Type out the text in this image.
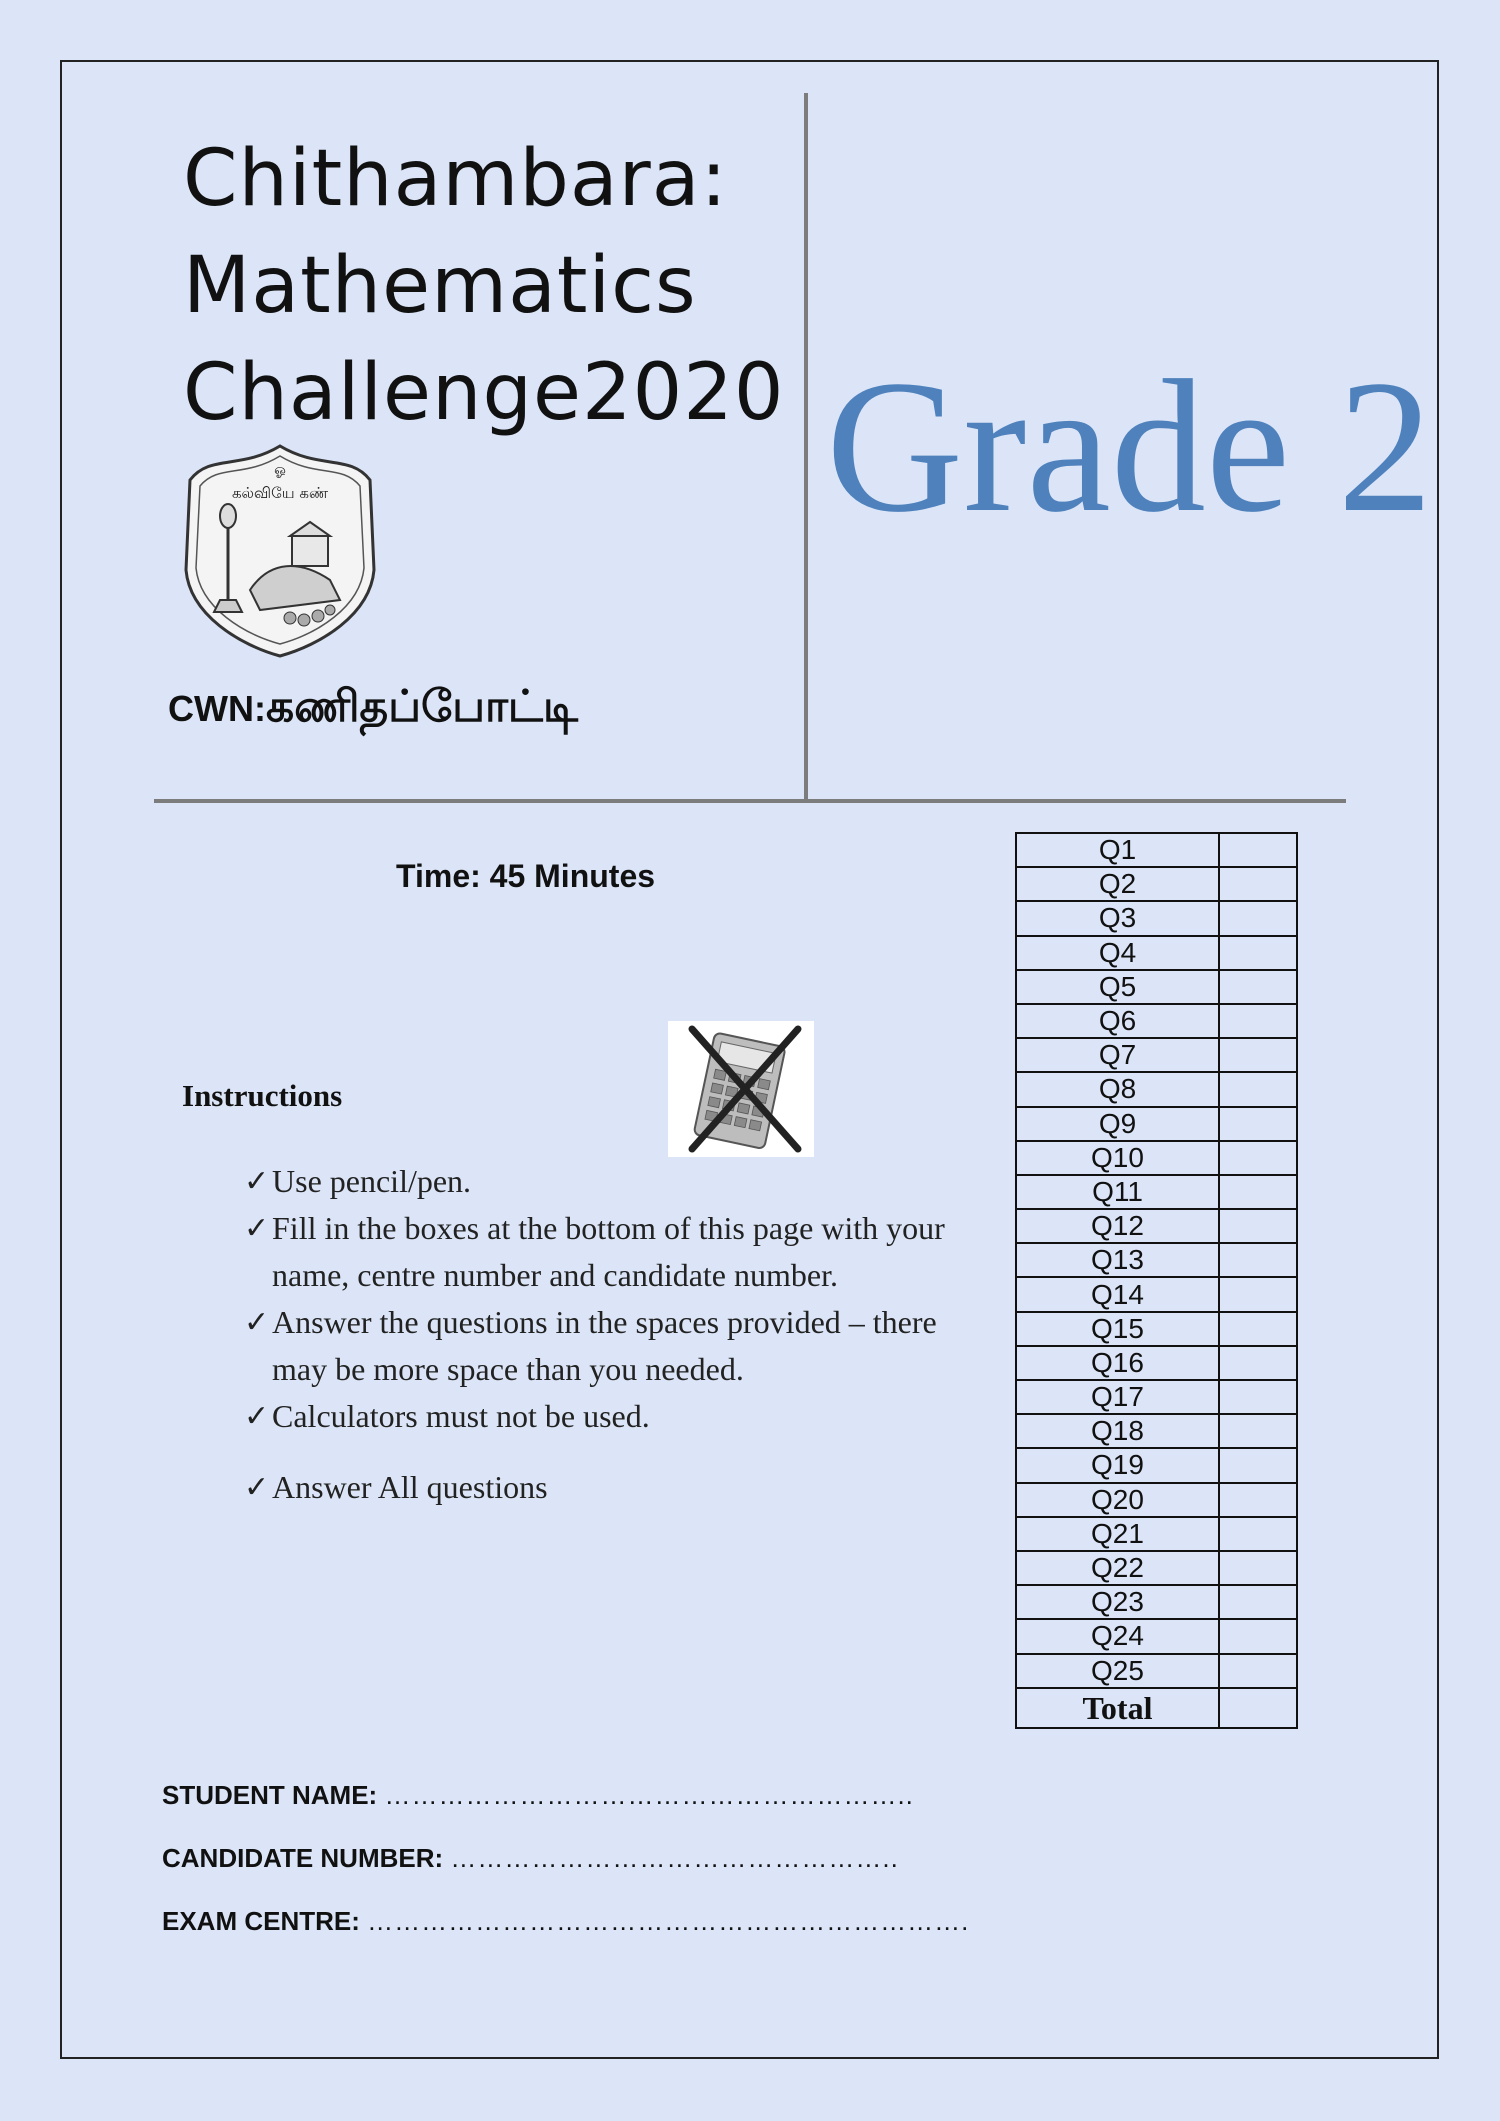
Chithambara:
Mathematics
Challenge2020 Grade 2
ஓ
கல்வியே கண்
CWN:கணிதப்போட்டி
Time: 45 Minutes
Instructions
✓ Use pencil/pen.
✓ Fill in the boxes at the bottom of this page with your name, centre number and candidate number.
✓ Answer the questions in the spaces provided – there may be more space than you needed.
✓ Calculators must not be used.
✓ Answer All questions
Q1	
Q2	
Q3	
Q4	
Q5	
Q6	
Q7	
Q8	
Q9	
Q10	
Q11	
Q12	
Q13	
Q14	
Q15	
Q16	
Q17	
Q18	
Q19	
Q20	
Q21	
Q22	
Q23	
Q24	
Q25	
Total	
STUDENT NAME: …………………………………………………..
CANDIDATE NUMBER: …………………………………………..
EXAM CENTRE: ………………………………………………………….
